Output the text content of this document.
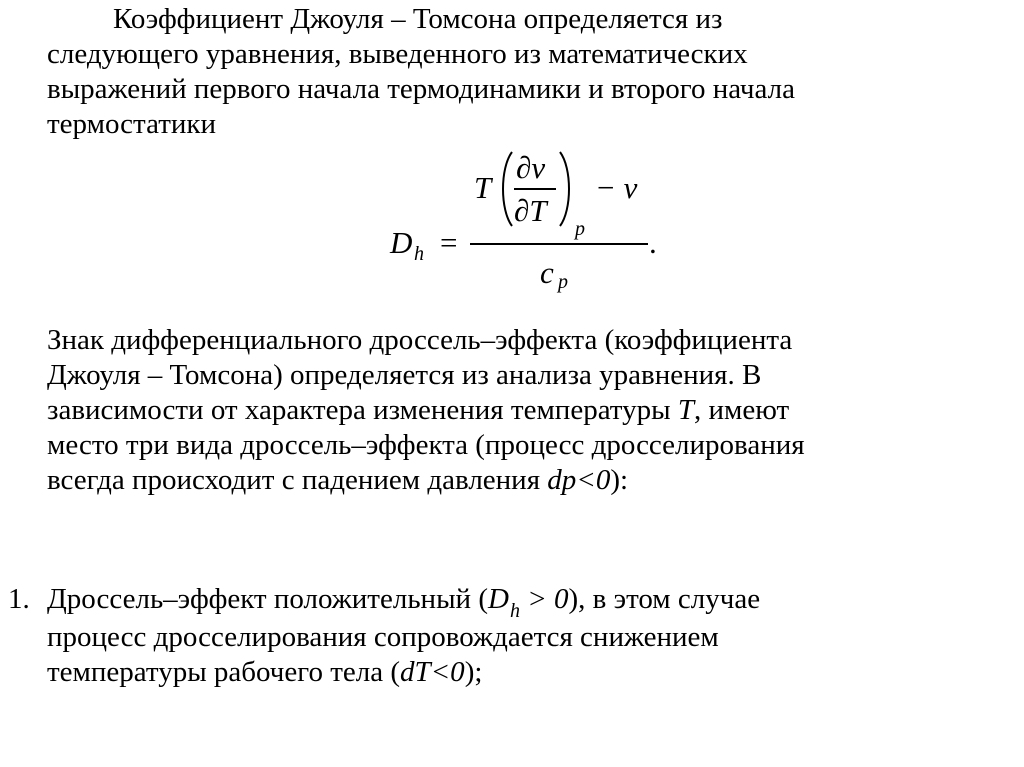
Коэффициент Джоуля – Томсона определяется из
следующего уравнения, выведенного из математических
выражений первого начала термодинамики и второго начала
термостатики
D h =	.
T
∂v
∂T
p
− v
c p
Знак дифференциального дроссель–эффекта (коэффициента
Джоуля – Томсона) определяется из анализа уравнения. В
зависимости от характера изменения температуры T, имеют
место три вида дроссель–эффекта (процесс дросселирования
всегда происходит с падением давления dp<0):
1. Дроссель–эффект положительный $(D_h > 0)$, в этом случае
процесс дросселирования сопровождается снижением
температуры рабочего тела (dT<0);
